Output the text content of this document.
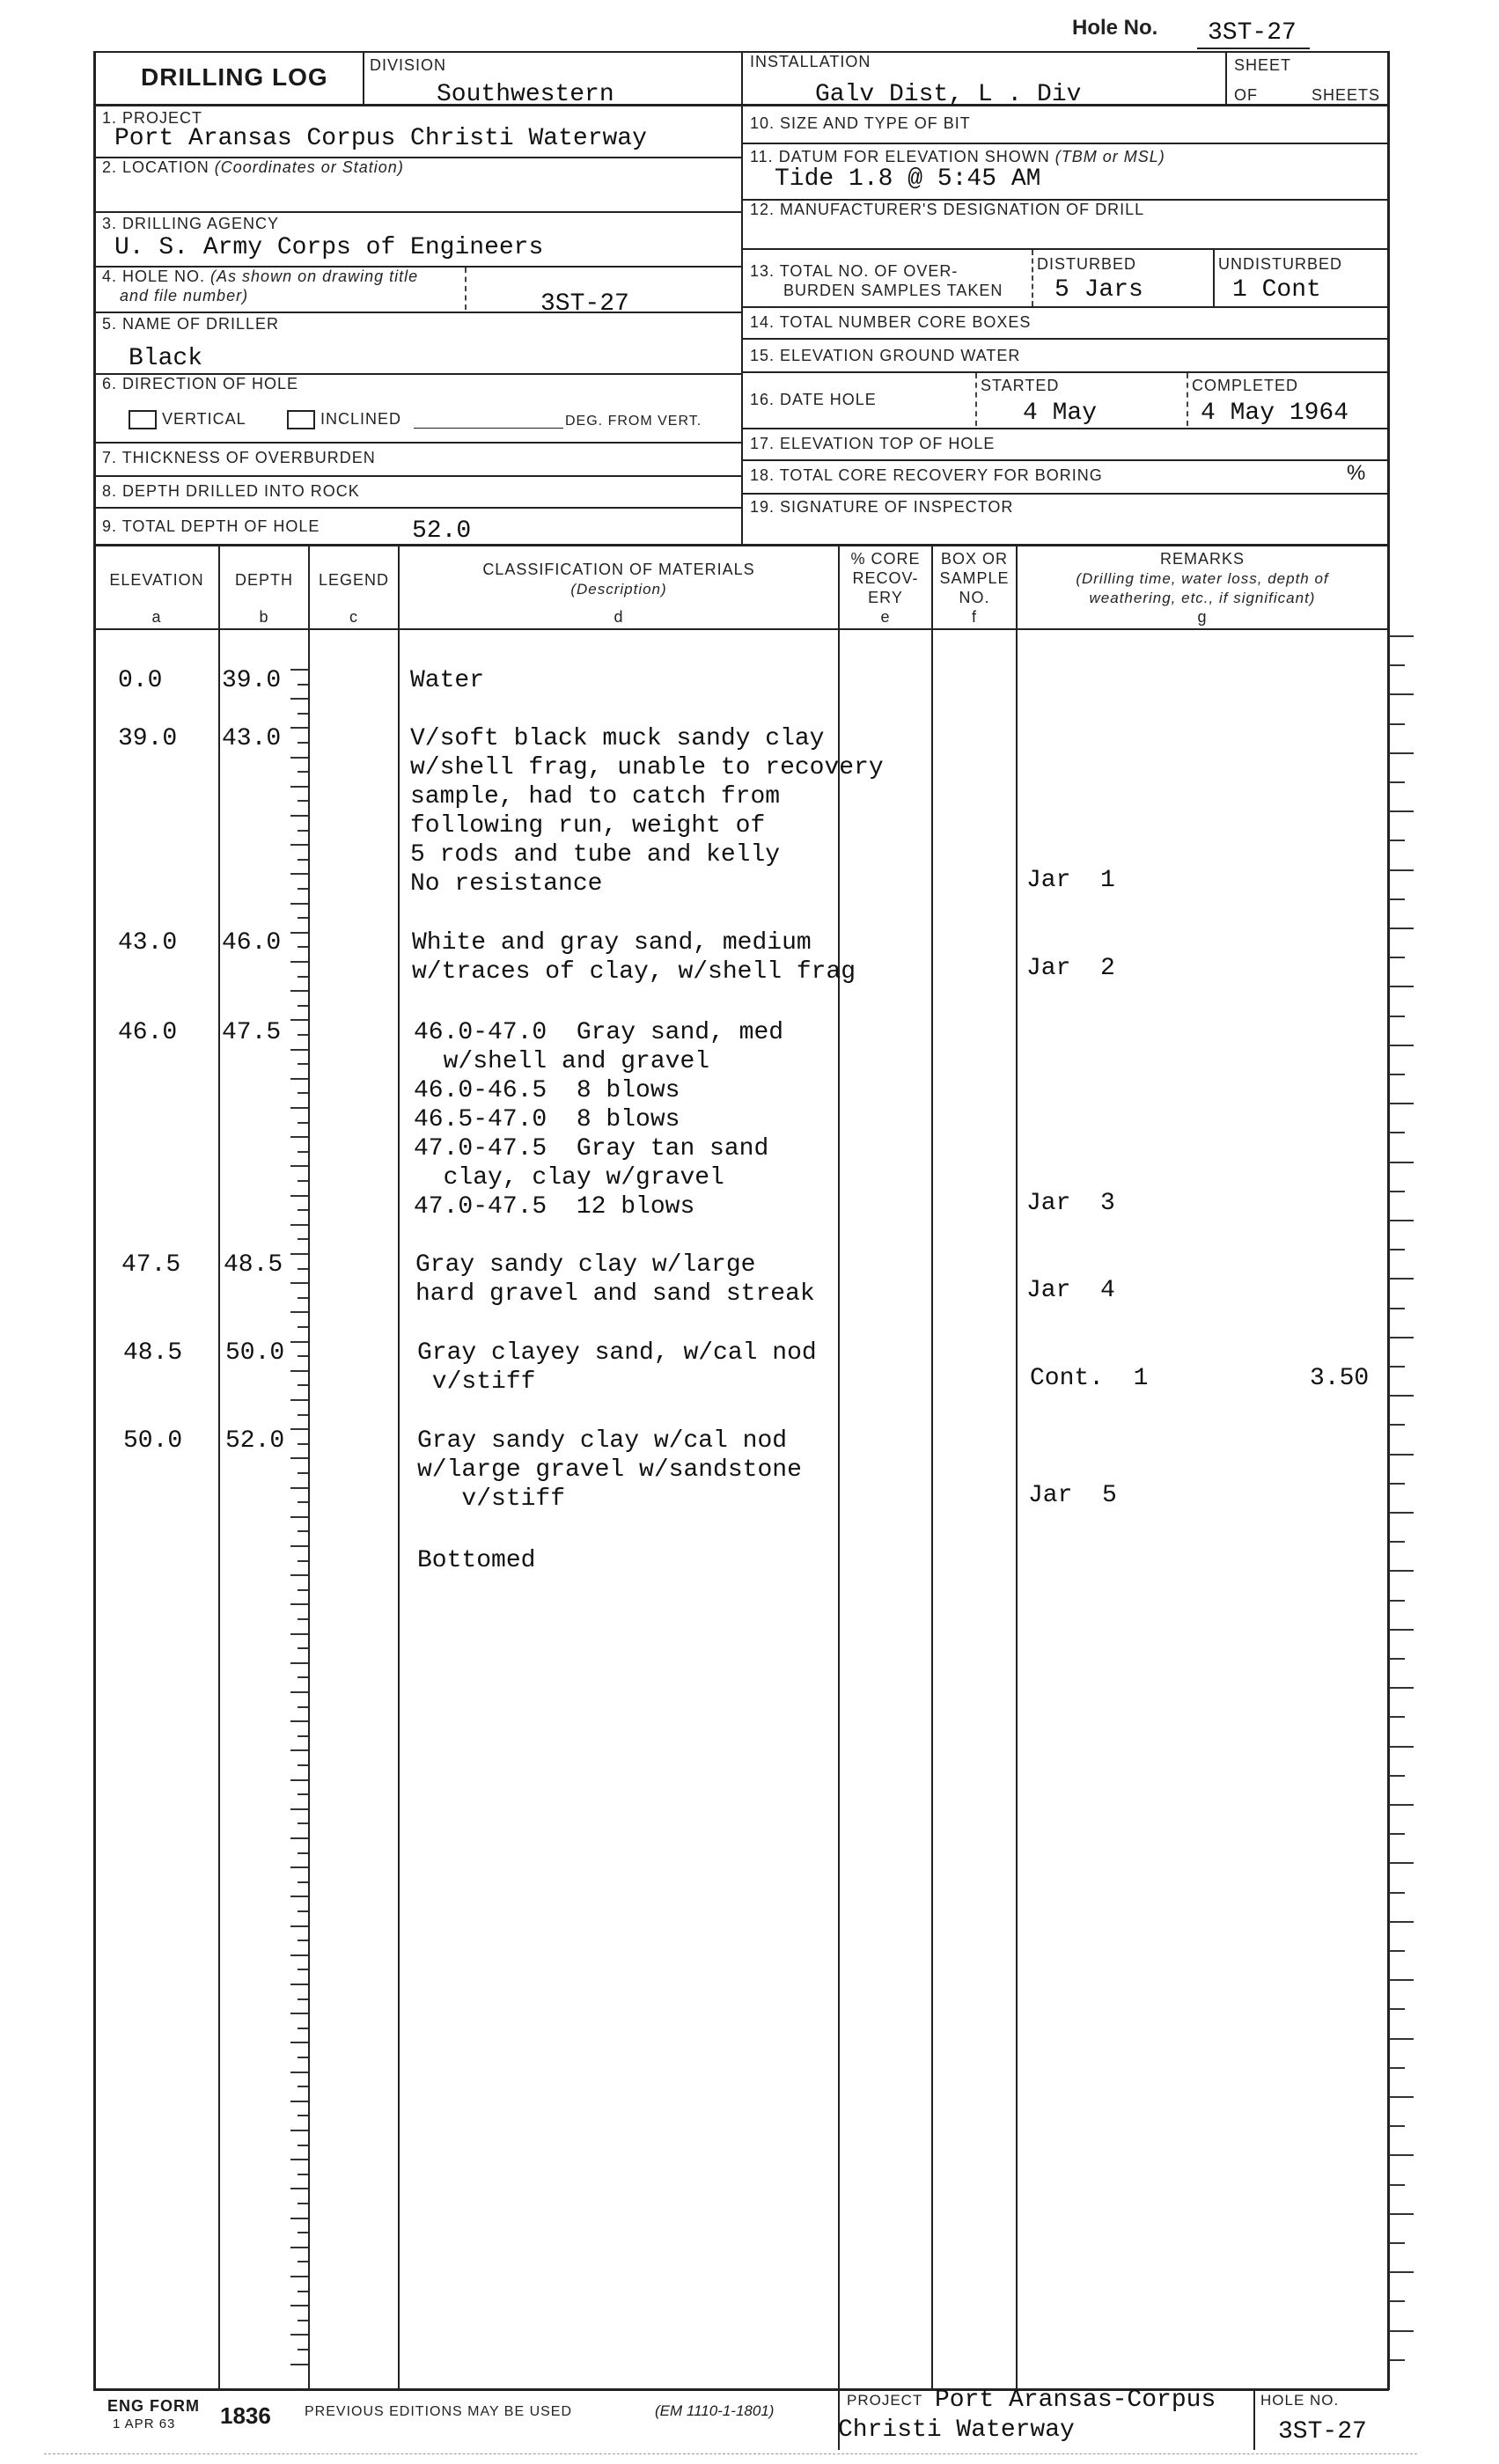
Hole No. 3ST-27
DRILLING LOG	DIVISION
Southwestern
INSTALLATION
Galv Dist, L . Div
SHEET
OF	SHEETS
1. PROJECT
Port Aransas Corpus Christi Waterway
2. LOCATION (Coordinates or Station)
3. DRILLING AGENCY
U. S. Army Corps of Engineers
4. HOLE NO. (As shown on drawing title
and file number)	3ST-27
5. NAME OF DRILLER
Black
6. DIRECTION OF HOLE
VERTICAL	INCLINED	DEG. FROM VERT.
7. THICKNESS OF OVERBURDEN
8. DEPTH DRILLED INTO ROCK
9. TOTAL DEPTH OF HOLE	52.0
10. SIZE AND TYPE OF BIT
11. DATUM FOR ELEVATION SHOWN (TBM or MSL)
Tide 1.8 @ 5:45 AM
12. MANUFACTURER'S DESIGNATION OF DRILL
13. TOTAL NO. OF OVER-
BURDEN SAMPLES TAKEN
DISTURBED
5 Jars
UNDISTURBED
1 Cont
14. TOTAL NUMBER CORE BOXES
15. ELEVATION GROUND WATER
16. DATE HOLE
STARTED
4 May
COMPLETED
4 May 1964
17. ELEVATION TOP OF HOLE
18. TOTAL CORE RECOVERY FOR BORING	%
19. SIGNATURE OF INSPECTOR
ELEVATION
a
DEPTH
b
LEGEND
c
CLASSIFICATION OF MATERIALS
(Description)
d
% CORE
RECOV-
ERY
e
BOX OR
SAMPLE
NO.
f
REMARKS
(Drilling time, water loss, depth of
weathering, etc., if significant)
g
0.0 39.0	Water
39.0 43.0	V/soft black muck sandy clay
w/shell frag, unable to recovery
sample, had to catch from
following run, weight of
5 rods and tube and kelly
No resistance	Jar  1
43.0 46.0	White and gray sand, medium
w/traces of clay, w/shell frag	Jar  2
46.0 47.5	46.0-47.0  Gray sand, med
w/shell and gravel
46.0-46.5  8 blows
46.5-47.0  8 blows
47.0-47.5  Gray tan sand
clay, clay w/gravel
47.0-47.5  12 blows	Jar  3
47.5 48.5	Gray sandy clay w/large
hard gravel and sand streak	Jar  4
48.5 50.0	Gray clayey sand, w/cal nod
v/stiff	Cont.  1	3.50
50.0 52.0	Gray sandy clay w/cal nod
w/large gravel w/sandstone
v/stiff	Jar  5
Bottomed
ENG FORM 1836
1 APR 63
PREVIOUS EDITIONS MAY BE USED	(EM 1110-1-1801)
PROJECT Port Aransas-Corpus
Christi Waterway
HOLE NO.
3ST-27
